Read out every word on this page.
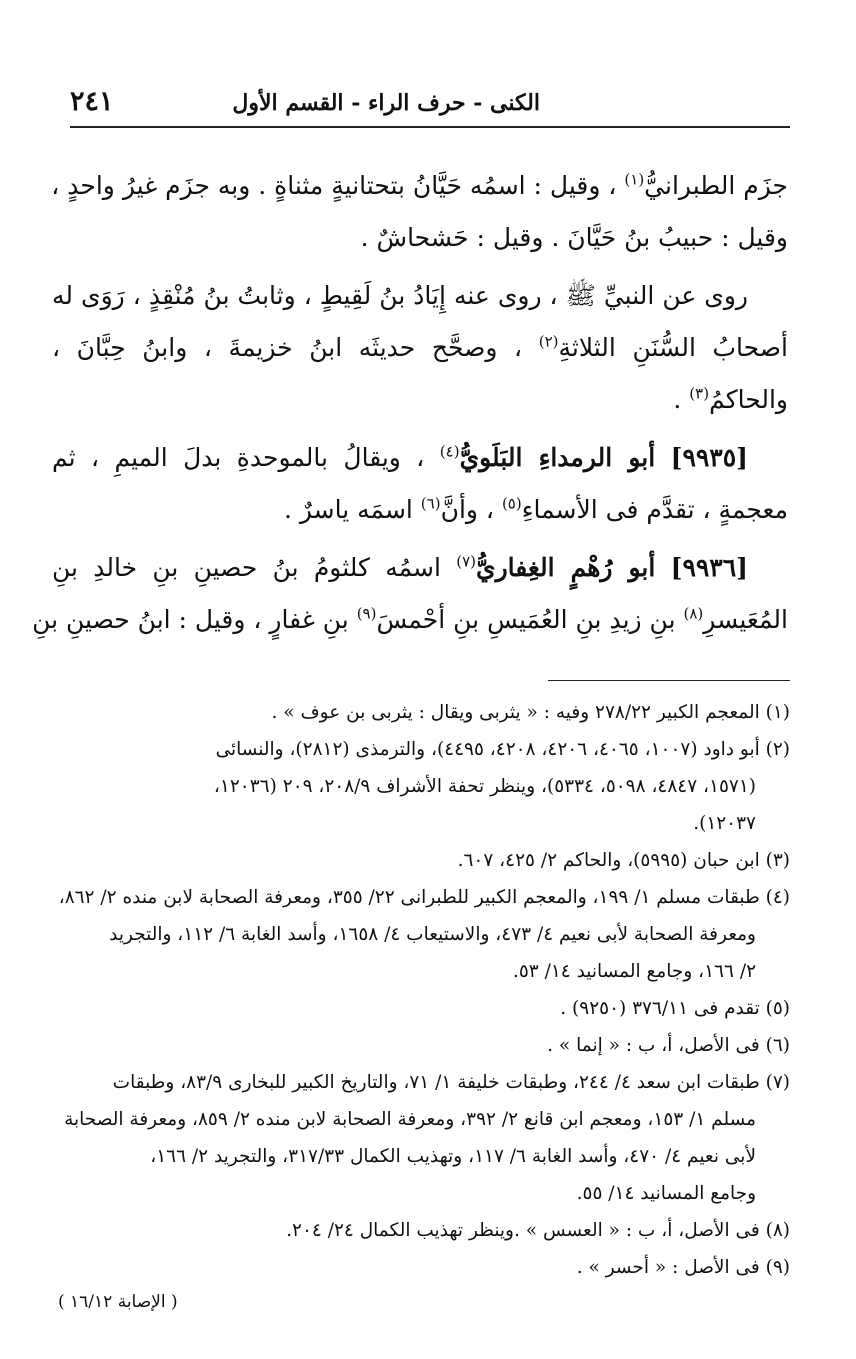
٢٤١	الكنى - حرف الراء - القسم الأول
جزَم الطبرانيُّ$^{(١)}$ ، وقيل : اسمُه حَيَّانُ بتحتانيةٍ مثناةٍ . وبه جزَم غيرُ واحدٍ ،
وقيل : حبيبُ بنُ حَيَّانَ . وقيل : حَشحاشٌ .
روى عن النبيِّ ﷺ ، روى عنه إِيَادُ بنُ لَقِيطٍ ، وثابتُ بنُ مُنْقِذٍ ، رَوَى له
أصحابُ السُّنَنِ الثلاثةِ$^{(٢)}$ ، وصحَّح حديثَه ابنُ خزيمةَ ، وابنُ حِبَّانَ ،
والحاكمُ$^{(٣)}$ .
[٩٩٣٥] أبو الرمداءِ البَلَويُّ$^{(٤)}$ ، ويقالُ بالموحدةِ بدلَ الميمِ ، ثم
معجمةٍ ، تقدَّم فى الأسماءِ$^{(٥)}$ ، وأنَّ$^{(٦)}$ اسمَه ياسرٌ .
[٩٩٣٦] أبو رُهْمٍ الغِفاريُّ$^{(٧)}$ اسمُه كلثومُ بنُ حصينِ بنِ خالدِ بنِ
المُعَيسرِ$^{(٨)}$ بنِ زيدِ بنِ العُمَيسِ بنِ أحْمسَ$^{(٩)}$ بنِ غفارٍ ، وقيل : ابنُ حصينِ بنِ
(١) المعجم الكبير ٢٧٨/٢٢ وفيه : « يثربى ويقال : يثربى بن عوف » .
(٢) أبو داود (١٠٠٧، ٤٠٦٥، ٤٢٠٦، ٤٢٠٨، ٤٤٩٥)، والترمذى (٢٨١٢)، والنسائى
(١٥٧١، ٤٨٤٧، ٥٠٩٨، ٥٣٣٤)، وينظر تحفة الأشراف ٢٠٨/٩، ٢٠٩ (١٢٠٣٦،
١٢٠٣٧).
(٣) ابن حبان (٥٩٩٥)، والحاكم ٢/ ٤٢٥، ٦٠٧.
(٤) طبقات مسلم ١/ ١٩٩، والمعجم الكبير للطبرانى ٢٢/ ٣٥٥، ومعرفة الصحابة لابن منده ٢/ ٨٦٢،
ومعرفة الصحابة لأبى نعيم ٤/ ٤٧٣، والاستيعاب ٤/ ١٦٥٨، وأسد الغابة ٦/ ١١٢، والتجريد
٢/ ١٦٦، وجامع المسانيد ١٤/ ٥٣.
(٥) تقدم فى ٣٧٦/١١ (٩٢٥٠) .
(٦) فى الأصل، أ، ب : « إنما » .
(٧) طبقات ابن سعد ٤/ ٢٤٤، وطبقات خليفة ١/ ٧١، والتاريخ الكبير للبخارى ٨٣/٩، وطبقات
مسلم ١/ ١٥٣، ومعجم ابن قانع ٢/ ٣٩٢، ومعرفة الصحابة لابن منده ٢/ ٨٥٩، ومعرفة الصحابة
لأبى نعيم ٤/ ٤٧٠، وأسد الغابة ٦/ ١١٧، وتهذيب الكمال ٣١٧/٣٣، والتجريد ٢/ ١٦٦،
وجامع المسانيد ١٤/ ٥٥.
(٨) فى الأصل، أ، ب : « العسس » .وينظر تهذيب الكمال ٢٤/ ٢٠٤.
(٩) فى الأصل : « أحسر » .
( الإصابة ١٦/١٢ )
